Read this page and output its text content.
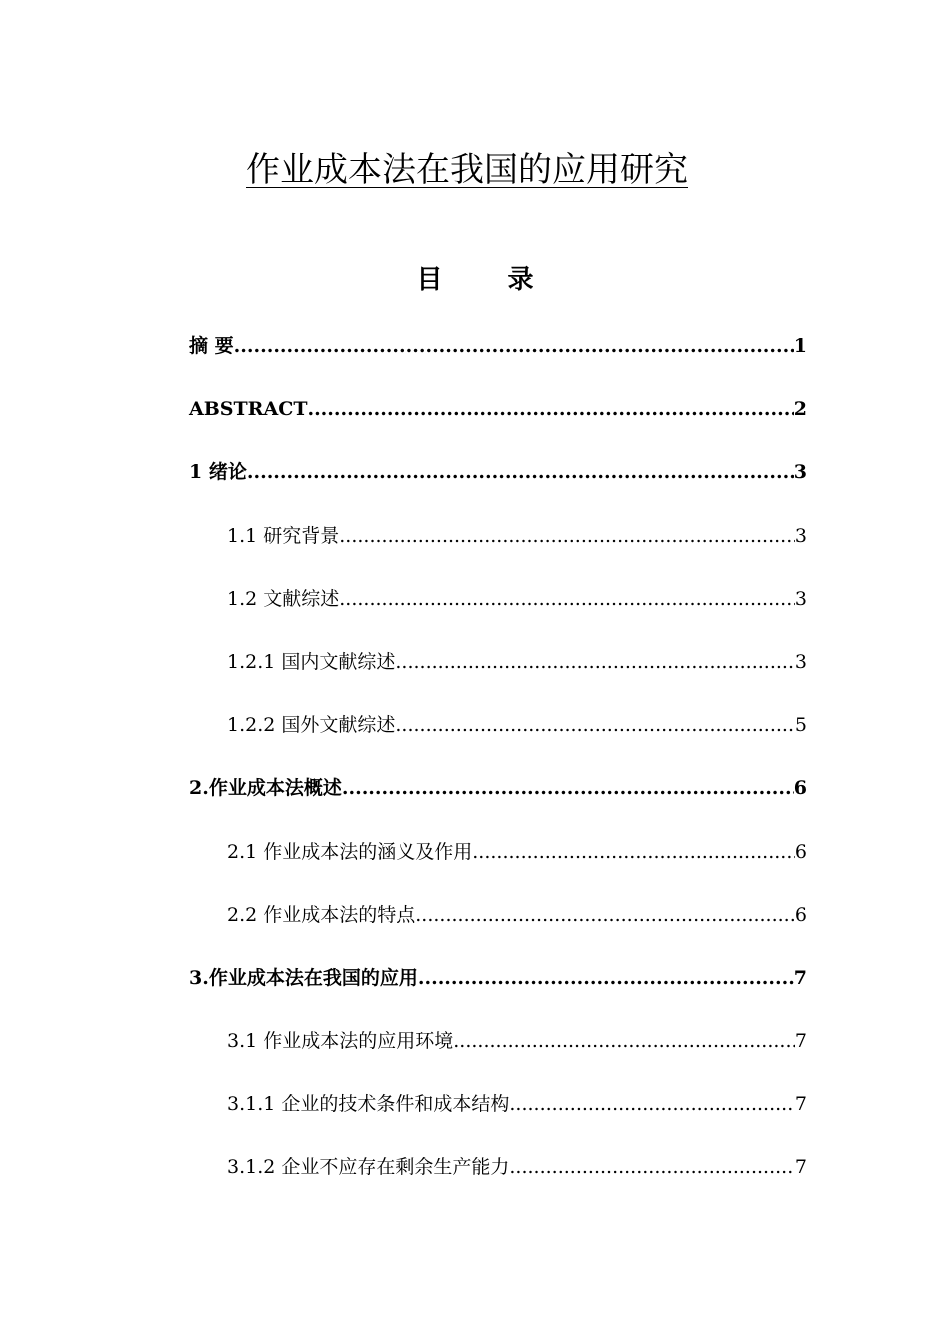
作业成本法在我国的应用研究
目 录
摘 要 .....	1
ABSTRACT .....	2
1 绪论 .....	3
1.1 研究背景 .....	3
1.2 文献综述 .....	3
1.2.1 国内文献综述 .....	3
1.2.2 国外文献综述 .....	5
2.作业成本法概述 .....	6
2.1 作业成本法的涵义及作用 .....	6
2.2 作业成本法的特点 .....	6
3.作业成本法在我国的应用 .....	7
3.1 作业成本法的应用环境 .....	7
3.1.1 企业的技术条件和成本结构 .....	7
3.1.2 企业不应存在剩余生产能力 .....	7
